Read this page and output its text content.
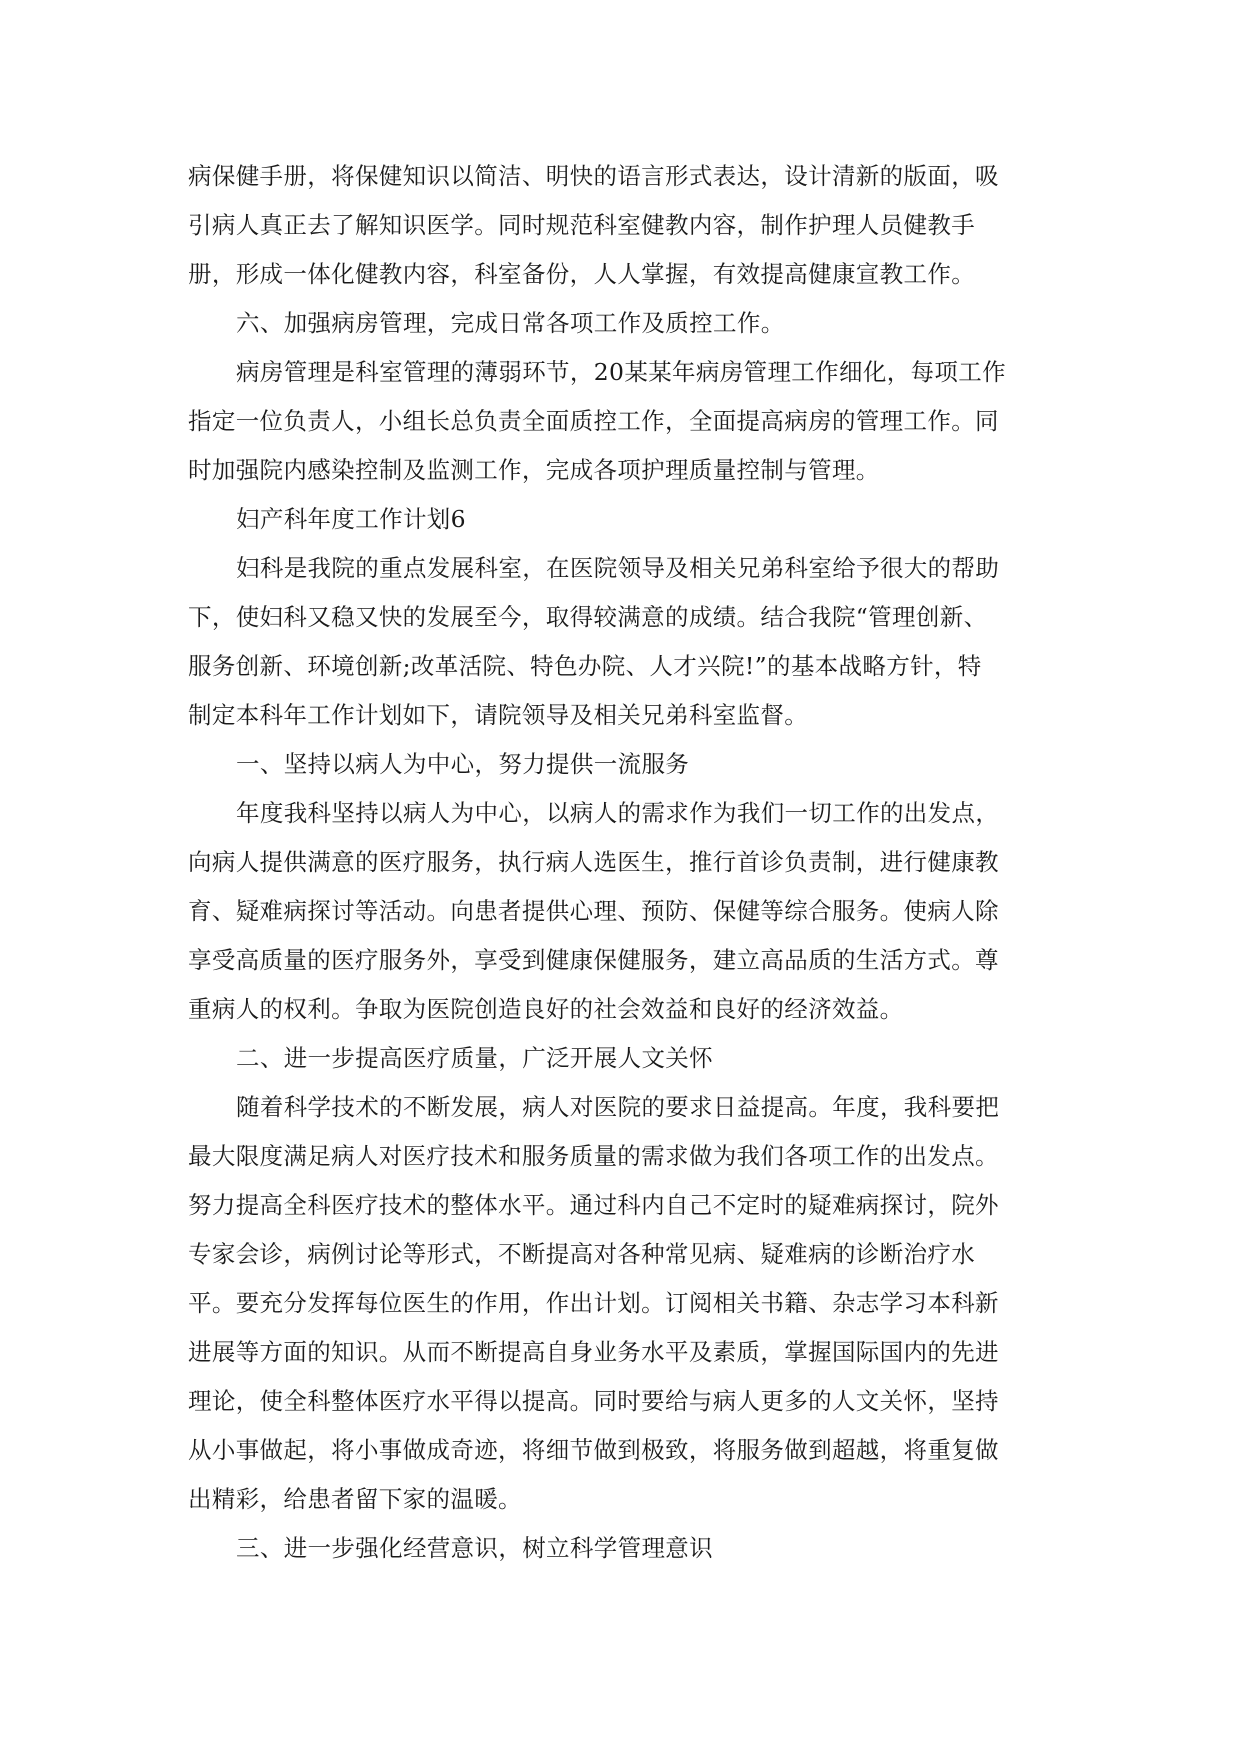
病保健手册，将保健知识以简洁、明快的语言形式表达，设计清新的版面，吸

引病人真正去了解知识医学。同时规范科室健教内容，制作护理人员健教手

册，形成一体化健教内容，科室备份，人人掌握，有效提高健康宣教工作。

六、加强病房管理，完成日常各项工作及质控工作。

病房管理是科室管理的薄弱环节，20某某年病房管理工作细化，每项工作

指定一位负责人，小组长总负责全面质控工作，全面提高病房的管理工作。同

时加强院内感染控制及监测工作，完成各项护理质量控制与管理。

妇产科年度工作计划6

妇科是我院的重点发展科室，在医院领导及相关兄弟科室给予很大的帮助

下，使妇科又稳又快的发展至今，取得较满意的成绩。结合我院“管理创新、

服务创新、环境创新;改革活院、特色办院、人才兴院!”的基本战略方针，特

制定本科年工作计划如下，请院领导及相关兄弟科室监督。

一、坚持以病人为中心，努力提供一流服务

年度我科坚持以病人为中心，以病人的需求作为我们一切工作的出发点，

向病人提供满意的医疗服务，执行病人选医生，推行首诊负责制，进行健康教

育、疑难病探讨等活动。向患者提供心理、预防、保健等综合服务。使病人除

享受高质量的医疗服务外，享受到健康保健服务，建立高品质的生活方式。尊

重病人的权利。争取为医院创造良好的社会效益和良好的经济效益。

二、进一步提高医疗质量，广泛开展人文关怀

随着科学技术的不断发展，病人对医院的要求日益提高。年度，我科要把

最大限度满足病人对医疗技术和服务质量的需求做为我们各项工作的出发点。

努力提高全科医疗技术的整体水平。通过科内自己不定时的疑难病探讨，院外

专家会诊，病例讨论等形式，不断提高对各种常见病、疑难病的诊断治疗水

平。要充分发挥每位医生的作用，作出计划。订阅相关书籍、杂志学习本科新

进展等方面的知识。从而不断提高自身业务水平及素质，掌握国际国内的先进

理论，使全科整体医疗水平得以提高。同时要给与病人更多的人文关怀，坚持

从小事做起，将小事做成奇迹，将细节做到极致，将服务做到超越，将重复做

出精彩，给患者留下家的温暖。

三、进一步强化经营意识，树立科学管理意识
